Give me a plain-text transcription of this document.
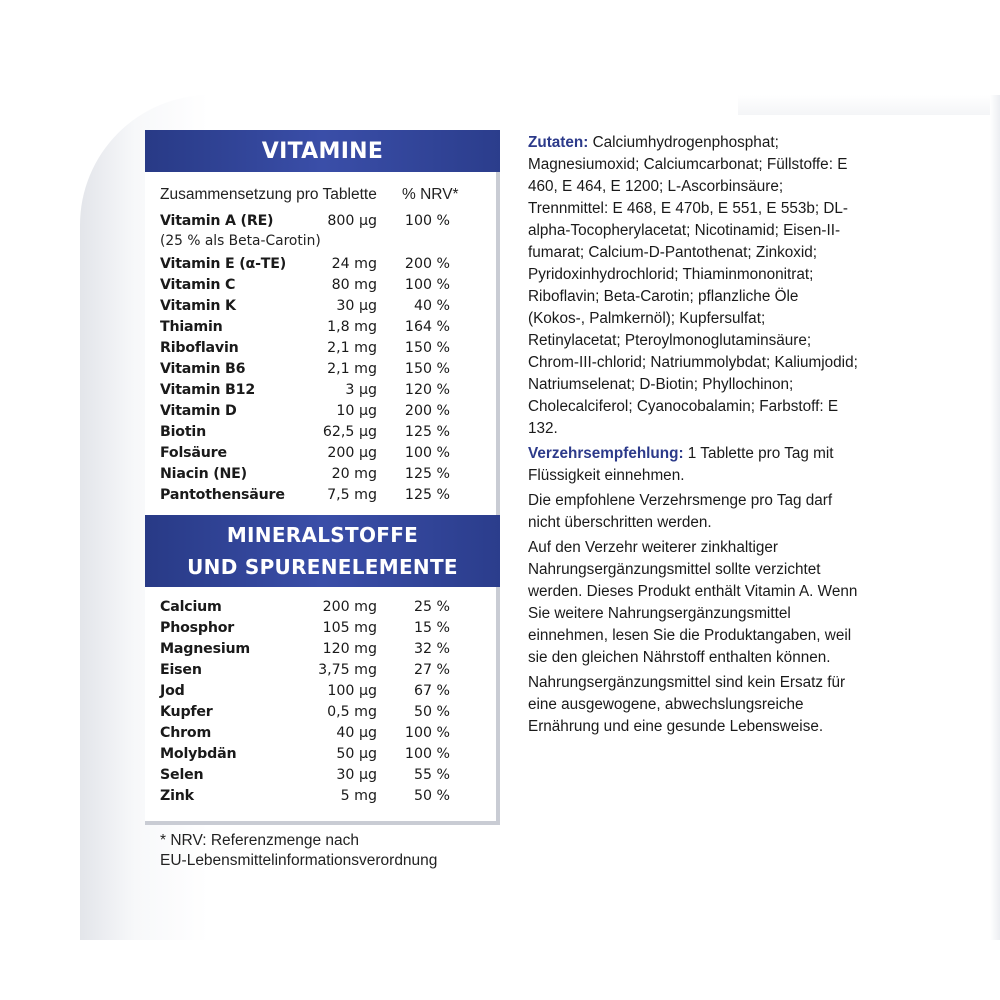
VITAMINE
Zusammensetzung pro Tablette % NRV*
Vitamin A (RE)	800 µg 100 %
(25 % als Beta-Carotin)
Vitamin E (α-TE)	24 mg 200 %
Vitamin C	80 mg 100 %
Vitamin K	30 µg	40 %
Thiamin	1,8 mg 164 %
Riboflavin	2,1 mg 150 %
Vitamin B6	2,1 mg 150 %
Vitamin B12	3 µg 120 %
Vitamin D	10 µg 200 %
Biotin	62,5 µg 125 %
Folsäure	200 µg 100 %
Niacin (NE)	20 mg 125 %
Pantothensäure	7,5 mg 125 %
MINERALSTOFFE
UND SPURENELEMENTE
Calcium	200 mg	25 %
Phosphor	105 mg	15 %
Magnesium	120 mg	32 %
Eisen	3,75 mg	27 %
Jod	100 µg	67 %
Kupfer	0,5 mg	50 %
Chrom	40 µg 100 %
Molybdän	50 µg 100 %
Selen	30 µg	55 %
Zink	5 mg	50 %
* NRV: Referenzmenge nach
EU-Lebensmittelinformationsverordnung

Zutaten: Calciumhydrogenphosphat; Magnesiumoxid; Calciumcarbonat; Füllstoffe: E 460, E 464, E 1200; L-Ascorbinsäure; Trennmittel: E 468, E 470b, E 551, E 553b; DL-alpha-Tocopherylacetat; Nicotinamid; Eisen-II-fumarat; Calcium-D-Pantothenat; Zinkoxid; Pyridoxinhydrochlorid; Thiaminmononitrat; Riboflavin; Beta-Carotin; pflanzliche Öle (Kokos-, Palmkernöl); Kupfersulfat; Retinylacetat; Pteroylmonoglutaminsäure; Chrom-III-chlorid; Natriummolybdat; Kaliumjodid; Natriumselenat; D-Biotin; Phyllochinon; Cholecalciferol; Cyanocobalamin; Farbstoff: E 132.

Verzehrsempfehlung: 1 Tablette pro Tag mit Flüssigkeit einnehmen.

Die empfohlene Verzehrsmenge pro Tag darf nicht überschritten werden.

Auf den Verzehr weiterer zinkhaltiger Nahrungsergänzungsmittel sollte verzichtet werden. Dieses Produkt enthält Vitamin A. Wenn Sie weitere Nahrungsergänzungsmittel einnehmen, lesen Sie die Produktangaben, weil sie den gleichen Nährstoff enthalten können.

Nahrungsergänzungsmittel sind kein Ersatz für eine ausgewogene, abwechslungsreiche Ernährung und eine gesunde Lebensweise.
